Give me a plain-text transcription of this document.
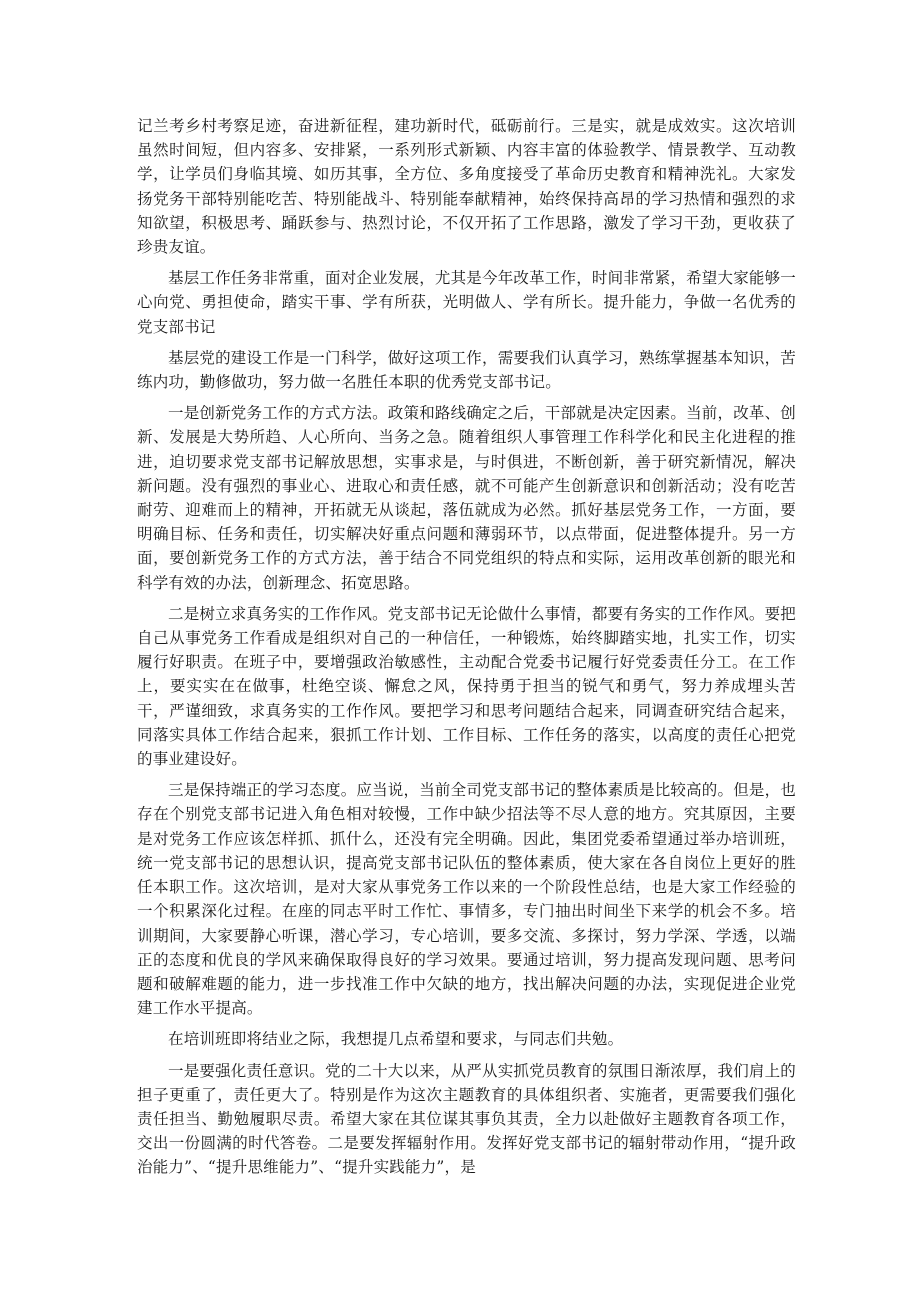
记兰考乡村考察足迹，奋进新征程，建功新时代，砥砺前行。三是实，就是成效实。这次培训虽然时间短，但内容多、安排紧，一系列形式新颖、内容丰富的体验教学、情景教学、互动教学，让学员们身临其境、如历其事，全方位、多角度接受了革命历史教育和精神洗礼。大家发扬党务干部特别能吃苦、特别能战斗、特别能奉献精神，始终保持高昂的学习热情和强烈的求知欲望，积极思考、踊跃参与、热烈讨论，不仅开拓了工作思路，激发了学习干劲，更收获了珍贵友谊。

基层工作任务非常重，面对企业发展，尤其是今年改革工作，时间非常紧，希望大家能够一心向党、勇担使命，踏实干事、学有所获，光明做人、学有所长。提升能力，争做一名优秀的党支部书记

基层党的建设工作是一门科学，做好这项工作，需要我们认真学习，熟练掌握基本知识，苦练内功，勤修做功，努力做一名胜任本职的优秀党支部书记。

一是创新党务工作的方式方法。政策和路线确定之后，干部就是决定因素。当前，改革、创新、发展是大势所趋、人心所向、当务之急。随着组织人事管理工作科学化和民主化进程的推进，迫切要求党支部书记解放思想，实事求是，与时俱进，不断创新，善于研究新情况，解决新问题。没有强烈的事业心、进取心和责任感，就不可能产生创新意识和创新活动；没有吃苦耐劳、迎难而上的精神，开拓就无从谈起，落伍就成为必然。抓好基层党务工作，一方面，要明确目标、任务和责任，切实解决好重点问题和薄弱环节，以点带面，促进整体提升。另一方面，要创新党务工作的方式方法，善于结合不同党组织的特点和实际，运用改革创新的眼光和科学有效的办法，创新理念、拓宽思路。

二是树立求真务实的工作作风。党支部书记无论做什么事情，都要有务实的工作作风。要把自己从事党务工作看成是组织对自己的一种信任，一种锻炼，始终脚踏实地，扎实工作，切实履行好职责。在班子中，要增强政治敏感性，主动配合党委书记履行好党委责任分工。在工作上，要实实在在做事，杜绝空谈、懈怠之风，保持勇于担当的锐气和勇气，努力养成埋头苦干，严谨细致，求真务实的工作作风。要把学习和思考问题结合起来，同调查研究结合起来，同落实具体工作结合起来，狠抓工作计划、工作目标、工作任务的落实，以高度的责任心把党的事业建设好。

三是保持端正的学习态度。应当说，当前全司党支部书记的整体素质是比较高的。但是，也存在个别党支部书记进入角色相对较慢，工作中缺少招法等不尽人意的地方。究其原因，主要是对党务工作应该怎样抓、抓什么，还没有完全明确。因此，集团党委希望通过举办培训班，统一党支部书记的思想认识，提高党支部书记队伍的整体素质，使大家在各自岗位上更好的胜任本职工作。这次培训，是对大家从事党务工作以来的一个阶段性总结，也是大家工作经验的一个积累深化过程。在座的同志平时工作忙、事情多，专门抽出时间坐下来学的机会不多。培训期间，大家要静心听课，潜心学习，专心培训，要多交流、多探讨，努力学深、学透，以端正的态度和优良的学风来确保取得良好的学习效果。要通过培训，努力提高发现问题、思考问题和破解难题的能力，进一步找准工作中欠缺的地方，找出解决问题的办法，实现促进企业党建工作水平提高。

在培训班即将结业之际，我想提几点希望和要求，与同志们共勉。

一是要强化责任意识。党的二十大以来，从严从实抓党员教育的氛围日渐浓厚，我们肩上的担子更重了，责任更大了。特别是作为这次主题教育的具体组织者、实施者，更需要我们强化责任担当、勤勉履职尽责。希望大家在其位谋其事负其责，全力以赴做好主题教育各项工作，交出一份圆满的时代答卷。二是要发挥辐射作用。发挥好党支部书记的辐射带动作用，“提升政治能力”、“提升思维能力”、“提升实践能力”，是
